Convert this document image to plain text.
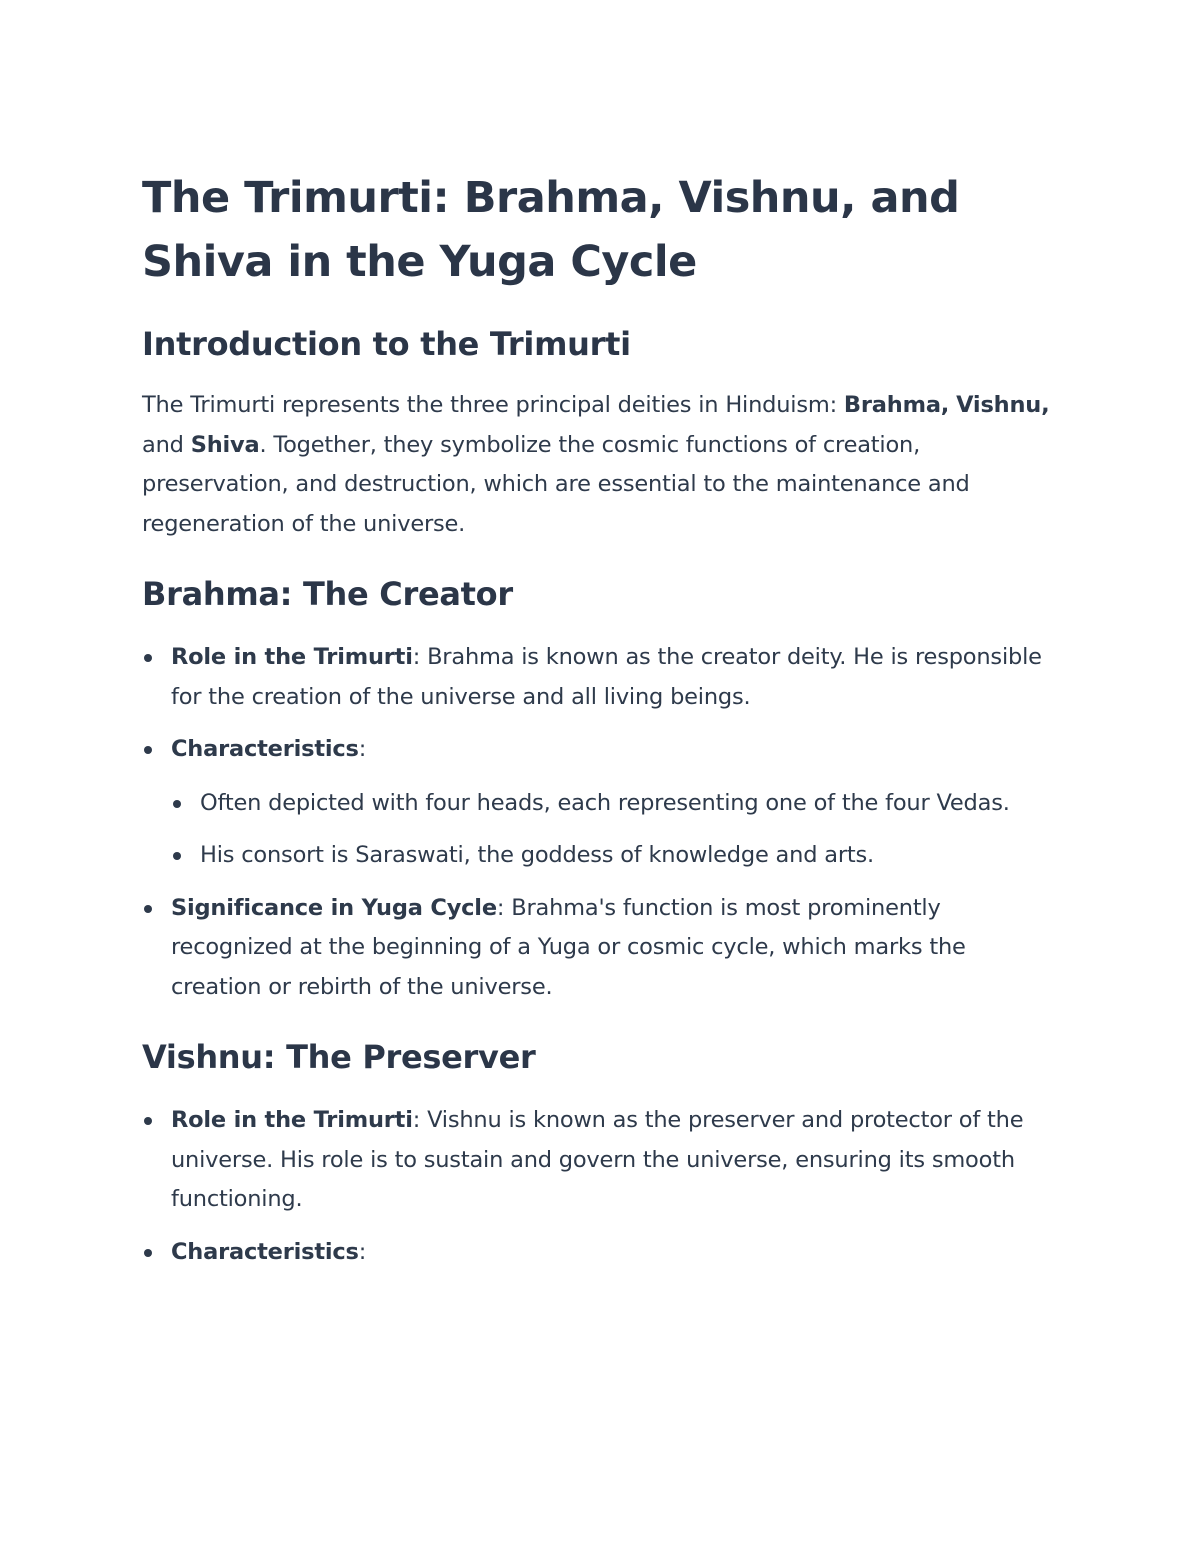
The Trimurti: Brahma, Vishnu, and Shiva in the Yuga Cycle
Introduction to the Trimurti

The Trimurti represents the three principal deities in Hinduism: Brahma, Vishnu, and Shiva. Together, they symbolize the cosmic functions of creation, preservation, and destruction, which are essential to the maintenance and regeneration of the universe.

Brahma: The Creator
Role in the Trimurti: Brahma is known as the creator deity. He is responsible for the creation of the universe and all living beings.
Characteristics:
Often depicted with four heads, each representing one of the four Vedas.
His consort is Saraswati, the goddess of knowledge and arts.
Significance in Yuga Cycle: Brahma's function is most prominently recognized at the beginning of a Yuga or cosmic cycle, which marks the creation or rebirth of the universe.
Vishnu: The Preserver
Role in the Trimurti: Vishnu is known as the preserver and protector of the universe. His role is to sustain and govern the universe, ensuring its smooth functioning.
Characteristics:
